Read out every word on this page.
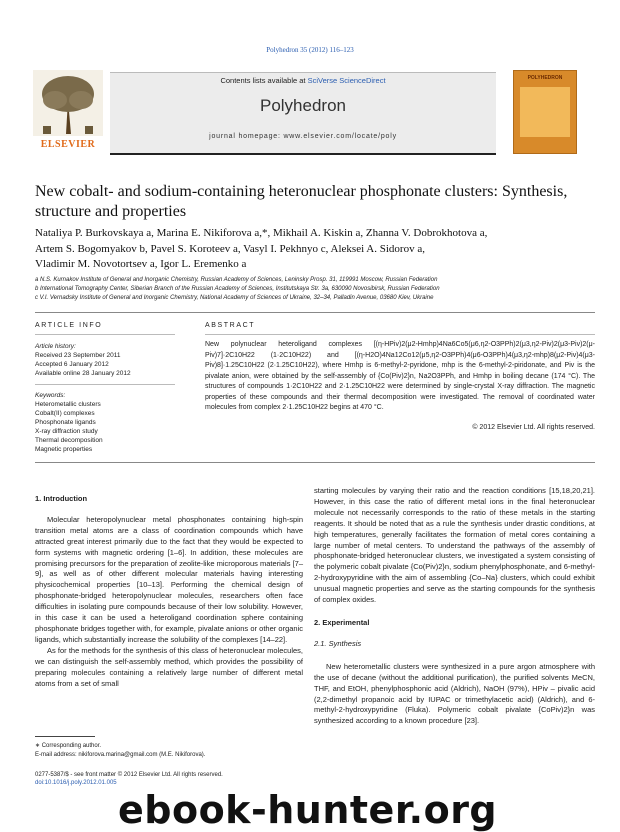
Polyhedron 35 (2012) 116–123
Contents lists available at SciVerse ScienceDirect
Polyhedron
journal homepage: www.elsevier.com/locate/poly
ELSEVIER
POLYHEDRON
New cobalt- and sodium-containing heteronuclear phosphonate clusters: Synthesis, structure and properties
Nataliya P. Burkovskaya a, Marina E. Nikiforova a,*, Mikhail A. Kiskin a, Zhanna V. Dobrokhotova a,
Artem S. Bogomyakov b, Pavel S. Koroteev a, Vasyl I. Pekhnyo c, Aleksei A. Sidorov a,
Vladimir M. Novotortsev a, Igor L. Eremenko a
a N.S. Kurnakov Institute of General and Inorganic Chemistry, Russian Academy of Sciences, Leninsky Prosp. 31, 119991 Moscow, Russian Federation
b International Tomography Center, Siberian Branch of the Russian Academy of Sciences, Institutskaya Str. 3a, 630090 Novosibirsk, Russian Federation
c V.I. Vernadsky Institute of General and Inorganic Chemistry, National Academy of Sciences of Ukraine, 32–34, Palladin Avenue, 03680 Kiev, Ukraine
ARTICLE INFO	ABSTRACT
Article history:
Received 23 September 2011
Accepted 6 January 2012
Available online 28 January 2012
Keywords:
Heterometallic clusters
Cobalt(II) complexes
Phosphonate ligands
X-ray diffraction study
Thermal decomposition
Magnetic properties
New polynuclear heteroligand complexes [(η-HPiv)2(μ2-Hmhp)4Na6Co5(μ6,η2-O3PPh)2(μ3,η2-Piv)2(μ3-Piv)2(μ-Piv)7]·2C10H22 (1·2C10H22) and [(η-H2O)4Na12Co12(μ5,η2-O3PPh)4(μ6-O3PPh)4(μ3,η2-mhp)8(μ2-Piv)4(μ3-Piv)8]·1.25C10H22 (2·1.25C10H22), where Hmhp is 6-methyl-2-pyridone, mhp is the 6-methyl-2-piridonate, and Piv is the pivalate anion, were obtained by the self-assembly of {Co(Piv)2}n, Na2O3PPh, and Hmhp in boiling decane (174 °C). The structures of compounds 1·2C10H22 and 2·1.25C10H22 were determined by single-crystal X-ray diffraction. The magnetic properties of these compounds and their thermal decomposition were investigated. The removal of coordinated water molecules from complex 2·1.25C10H22 begins at 470 °C.
© 2012 Elsevier Ltd. All rights reserved.
1. Introduction

Molecular heteropolynuclear metal phosphonates containing high-spin transition metal atoms are a class of coordination compounds which have attracted great interest primarily due to the fact that they would be expected to form systems with magnetic ordering [1–6]. In addition, these molecules are promising precursors for the preparation of zeolite-like microporous materials [7–9], as well as of other different molecular materials having interesting physicochemical properties [10–13]. Performing the chemical design of phosphonate-bridged heteropolynuclear molecules, researchers often face difficulties in isolating pure compounds because of their low solubility. However, in this case it can be used a heteroligand coordination sphere containing phosphonate bridges together with, for example, pivalate anions or other organic ligands, which substantially increase the solubility of the complexes [14–22].

As for the methods for the synthesis of this class of heteronuclear molecules, we can distinguish the self-assembly method, which provides the possibility of preparing molecules containing a relatively large number of different metal atoms from a set of small

starting molecules by varying their ratio and the reaction conditions [15,18,20,21]. However, in this case the ratio of different metal ions in the final heteronuclear molecule not necessarily corresponds to the ratio of these metals in the starting reagents. It should be noted that as a rule the synthesis under drastic conditions, at high temperatures, generally facilitates the formation of metal cores containing a large number of metal centers. To understand the pathways of the assembly of phosphonate-bridged heteronuclear clusters, we investigated a system consisting of the polymeric cobalt pivalate {Co(Piv)2}n, sodium phenylphosphonate, and 6-methyl-2-hydroxypyridine with the aim of assembling {Co–Na} clusters, which could exhibit unusual magnetic properties and serve as the starting compounds for the synthesis of complex oxides.

2. Experimental
2.1. Synthesis

New heterometallic clusters were synthesized in a pure argon atmosphere with the use of decane (without the additional purification), the purified solvents MeCN, THF, and EtOH, phenylphosphonic acid (Aldrich), NaOH (97%), HPiv – pivalic acid (2,2-dimethyl propanoic acid by IUPAC or trimethylacetic acid) (Aldrich), and 6-methyl-2-hydroxypyridine (Fluka). Polymeric cobalt pivalate {CoPiv)2}n was synthesized according to a known procedure [23].

∗ Corresponding author.
E-mail address: nikiforova.marina@gmail.com (M.E. Nikiforova).
0277-5387/$ - see front matter © 2012 Elsevier Ltd. All rights reserved.
doi:10.1016/j.poly.2012.01.005
ebook-hunter.org
